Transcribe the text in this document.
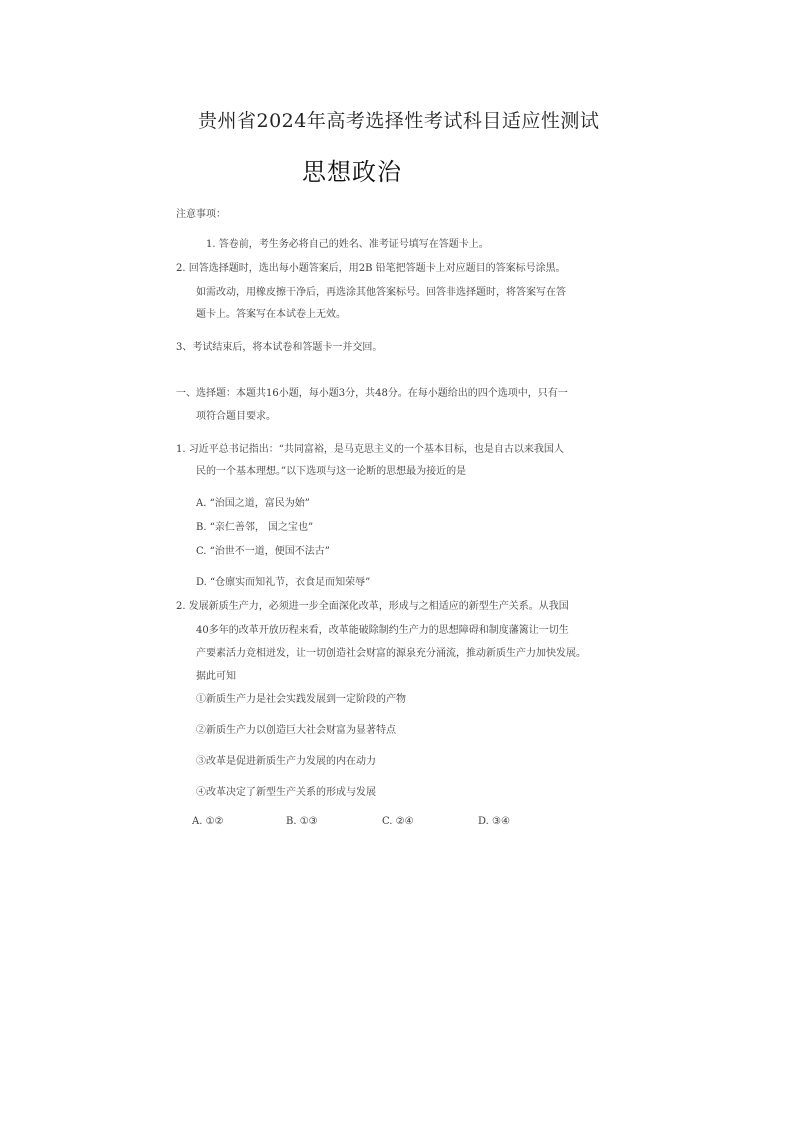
贵州省2024年高考选择性考试科目适应性测试
思想政治
注意事项：
1. 答卷前，考生务必将自己的姓名、准考证号填写在答题卡上。
2. 回答选择题时，选出每小题答案后，用2B 铅笔把答题卡上对应题目的答案标号涂黑。
如需改动，用橡皮擦干净后，再选涂其他答案标号。回答非选择题时，将答案写在答
题卡上。答案写在本试卷上无效。
3、考试结束后，将本试卷和答题卡一并交回。
一、选择题：本题共16小题，每小题3分，共48分。在每小题给出的四个选项中，只有一
项符合题目要求。
1. 习近平总书记指出：“共同富裕，是马克思主义的一个基本目标，也是自古以来我国人
民的一个基本理想。”以下选项与这一论断的思想最为接近的是
A. “治国之道，富民为始”
B. “亲仁善邻， 国之宝也”
C. “治世不一道，便国不法古”
D. “仓廪实而知礼节，衣食足而知荣辱”
2. 发展新质生产力，必须进一步全面深化改革，形成与之相适应的新型生产关系。从我国
40多年的改革开放历程来看，改革能破除制约生产力的思想障碍和制度藩篱让一切生
产要素活力竞相迸发，让一切创造社会财富的源泉充分涌流，推动新质生产力加快发展。
据此可知
①新质生产力是社会实践发展到一定阶段的产物
②新质生产力以创造巨大社会财富为显著特点
③改革是促进新质生产力发展的内在动力
④改革决定了新型生产关系的形成与发展
A. ①②	B. ①③	C. ②④	D. ③④
